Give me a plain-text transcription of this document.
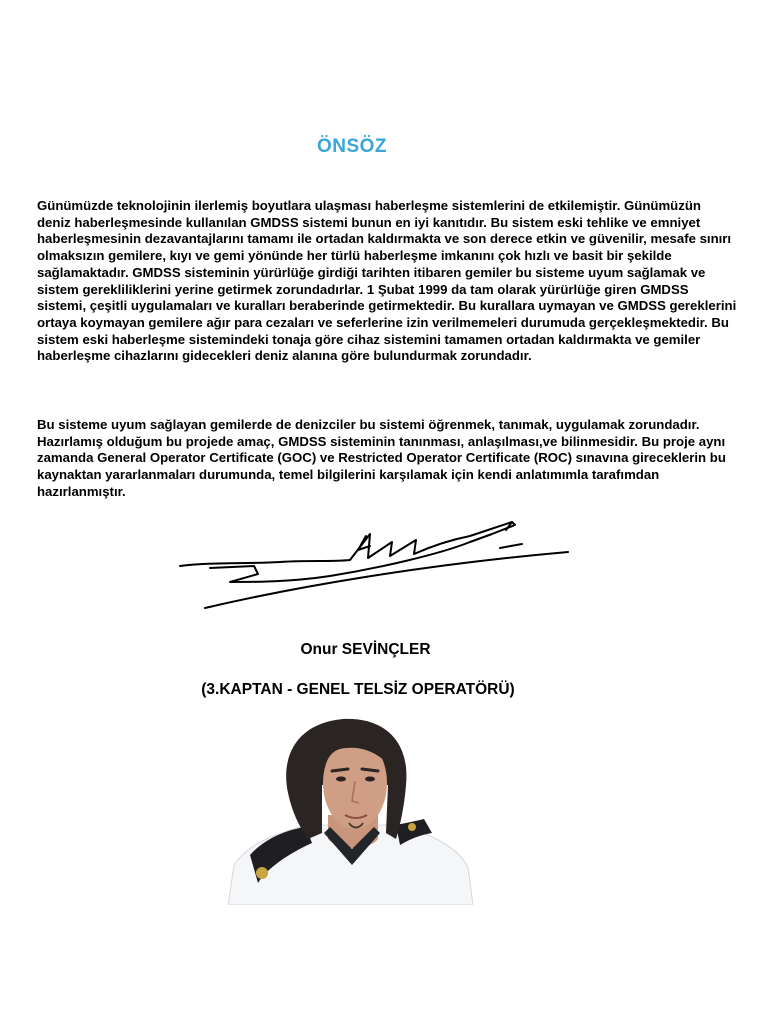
ÖNSÖZ

Günümüzde teknolojinin ilerlemiş boyutlara ulaşması haberleşme sistemlerini de etkilemiştir. Günümüzün deniz haberleşmesinde kullanılan GMDSS sistemi bunun en iyi kanıtıdır. Bu sistem eski tehlike ve emniyet haberleşmesinin dezavantajlarını tamamı ile ortadan kaldırmakta ve son derece etkin ve güvenilir, mesafe sınırı olmaksızın gemilere, kıyı ve gemi yönünde her türlü haberleşme imkanını çok hızlı ve basit bir şekilde sağlamaktadır. GMDSS sisteminin yürürlüğe girdiği tarihten itibaren gemiler bu sisteme uyum sağlamak ve sistem gerekliliklerini yerine getirmek zorundadırlar. 1 Şubat 1999 da tam olarak yürürlüğe giren GMDSS sistemi, çeşitli uygulamaları ve kuralları beraberinde getirmektedir. Bu kurallara uymayan ve GMDSS gereklerini ortaya koymayan gemilere ağır para cezaları ve seferlerine izin verilmemeleri durumuda gerçekleşmektedir. Bu sistem eski haberleşme sistemindeki tonaja göre cihaz sistemini tamamen ortadan kaldırmakta ve gemiler haberleşme cihazlarını gidecekleri deniz alanına göre bulundurmak zorundadır.

Bu sisteme uyum sağlayan gemilerde de denizciler bu sistemi öğrenmek, tanımak, uygulamak zorundadır. Hazırlamış olduğum bu projede amaç, GMDSS sisteminin tanınması, anlaşılması,ve bilinmesidir. Bu proje aynı zamanda General Operator Certificate (GOC) ve Restricted Operator Certificate (ROC) sınavına gireceklerin bu kaynaktan yararlanmaları durumunda, temel bilgilerini karşılamak için kendi anlatımımla tarafımdan hazırlanmıştır.

Onur SEVİNÇLER
(3.KAPTAN - GENEL TELSİZ OPERATÖRÜ)
